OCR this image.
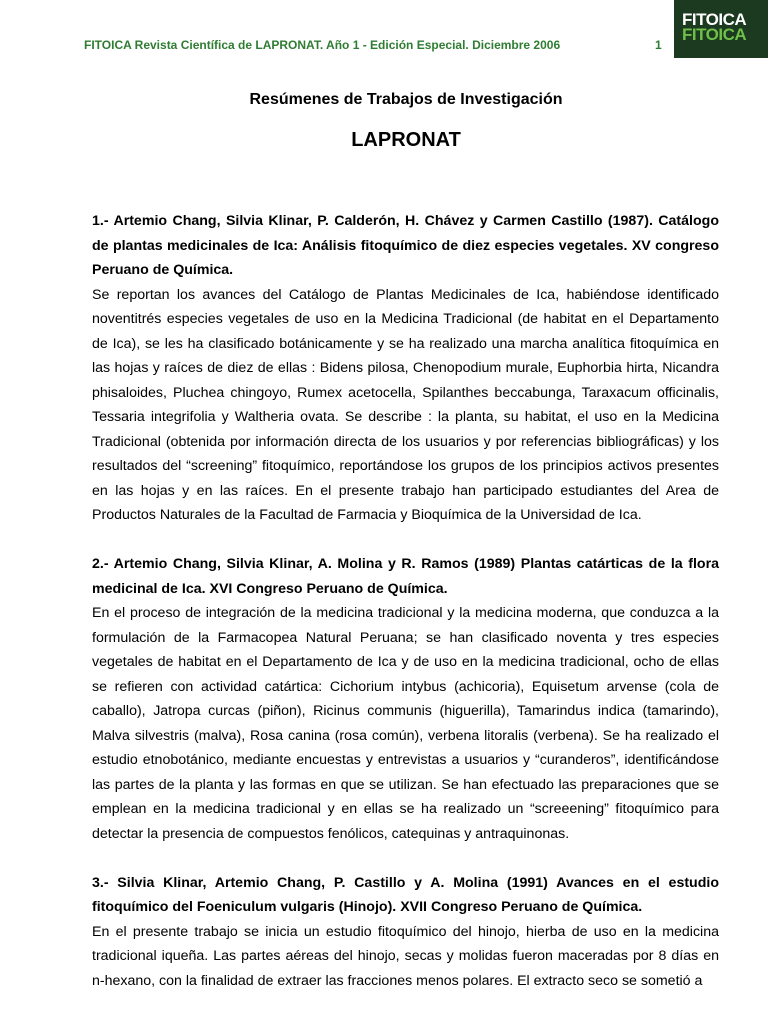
FITOICA Revista Científica de LAPRONAT. Año 1 - Edición Especial. Diciembre 2006	1
FITOICA
FITOICA
Resúmenes de Trabajos de Investigación
LAPRONAT
1.- Artemio Chang, Silvia Klinar, P. Calderón, H. Chávez y Carmen Castillo (1987). Catálogo de plantas medicinales de Ica: Análisis fitoquímico de diez especies vegetales. XV congreso Peruano de Química.
Se reportan los avances del Catálogo de Plantas Medicinales de Ica, habiéndose identificado noventitrés especies vegetales de uso en la Medicina Tradicional (de habitat en el Departamento de Ica), se les ha clasificado botánicamente y se ha realizado una marcha analítica fitoquímica en las hojas y raíces de diez de ellas : Bidens pilosa, Chenopodium murale, Euphorbia hirta, Nicandra phisaloides, Pluchea chingoyo, Rumex acetocella, Spilanthes beccabunga, Taraxacum officinalis, Tessaria integrifolia y Waltheria ovata. Se describe : la planta, su habitat, el uso en la Medicina Tradicional (obtenida por información directa de los usuarios y por referencias bibliográficas) y los resultados del “screening” fitoquímico, reportándose los grupos de los principios activos presentes en las hojas y en las raíces. En el presente trabajo han participado estudiantes del Area de Productos Naturales de la Facultad de Farmacia y Bioquímica de la Universidad de Ica.
2.- Artemio Chang, Silvia Klinar, A. Molina y R. Ramos (1989) Plantas catárticas de la flora medicinal de Ica. XVI Congreso Peruano de Química.
En el proceso de integración de la medicina tradicional y la medicina moderna, que conduzca a la formulación de la Farmacopea Natural Peruana; se han clasificado noventa y tres especies vegetales de habitat en el Departamento de Ica y de uso en la medicina tradicional, ocho de ellas se refieren con actividad catártica: Cichorium intybus (achicoria), Equisetum arvense (cola de caballo), Jatropa curcas (piñon), Ricinus communis (higuerilla), Tamarindus indica (tamarindo), Malva silvestris (malva), Rosa canina (rosa común), verbena litoralis (verbena). Se ha realizado el estudio etnobotánico, mediante encuestas y entrevistas a usuarios y “curanderos”, identificándose las partes de la planta y las formas en que se utilizan. Se han efectuado las preparaciones que se emplean en la medicina tradicional y en ellas se ha realizado un “screeening” fitoquímico para detectar la presencia de compuestos fenólicos, catequinas y antraquinonas.
3.- Silvia Klinar, Artemio Chang, P. Castillo y A. Molina (1991) Avances en el estudio fitoquímico del Foeniculum vulgaris (Hinojo). XVII Congreso Peruano de Química.
En el presente trabajo se inicia un estudio fitoquímico del hinojo, hierba de uso en la medicina tradicional iqueña. Las partes aéreas del hinojo, secas y molidas fueron maceradas por 8 días en n-hexano, con la finalidad de extraer las fracciones menos polares. El extracto seco se sometió a
